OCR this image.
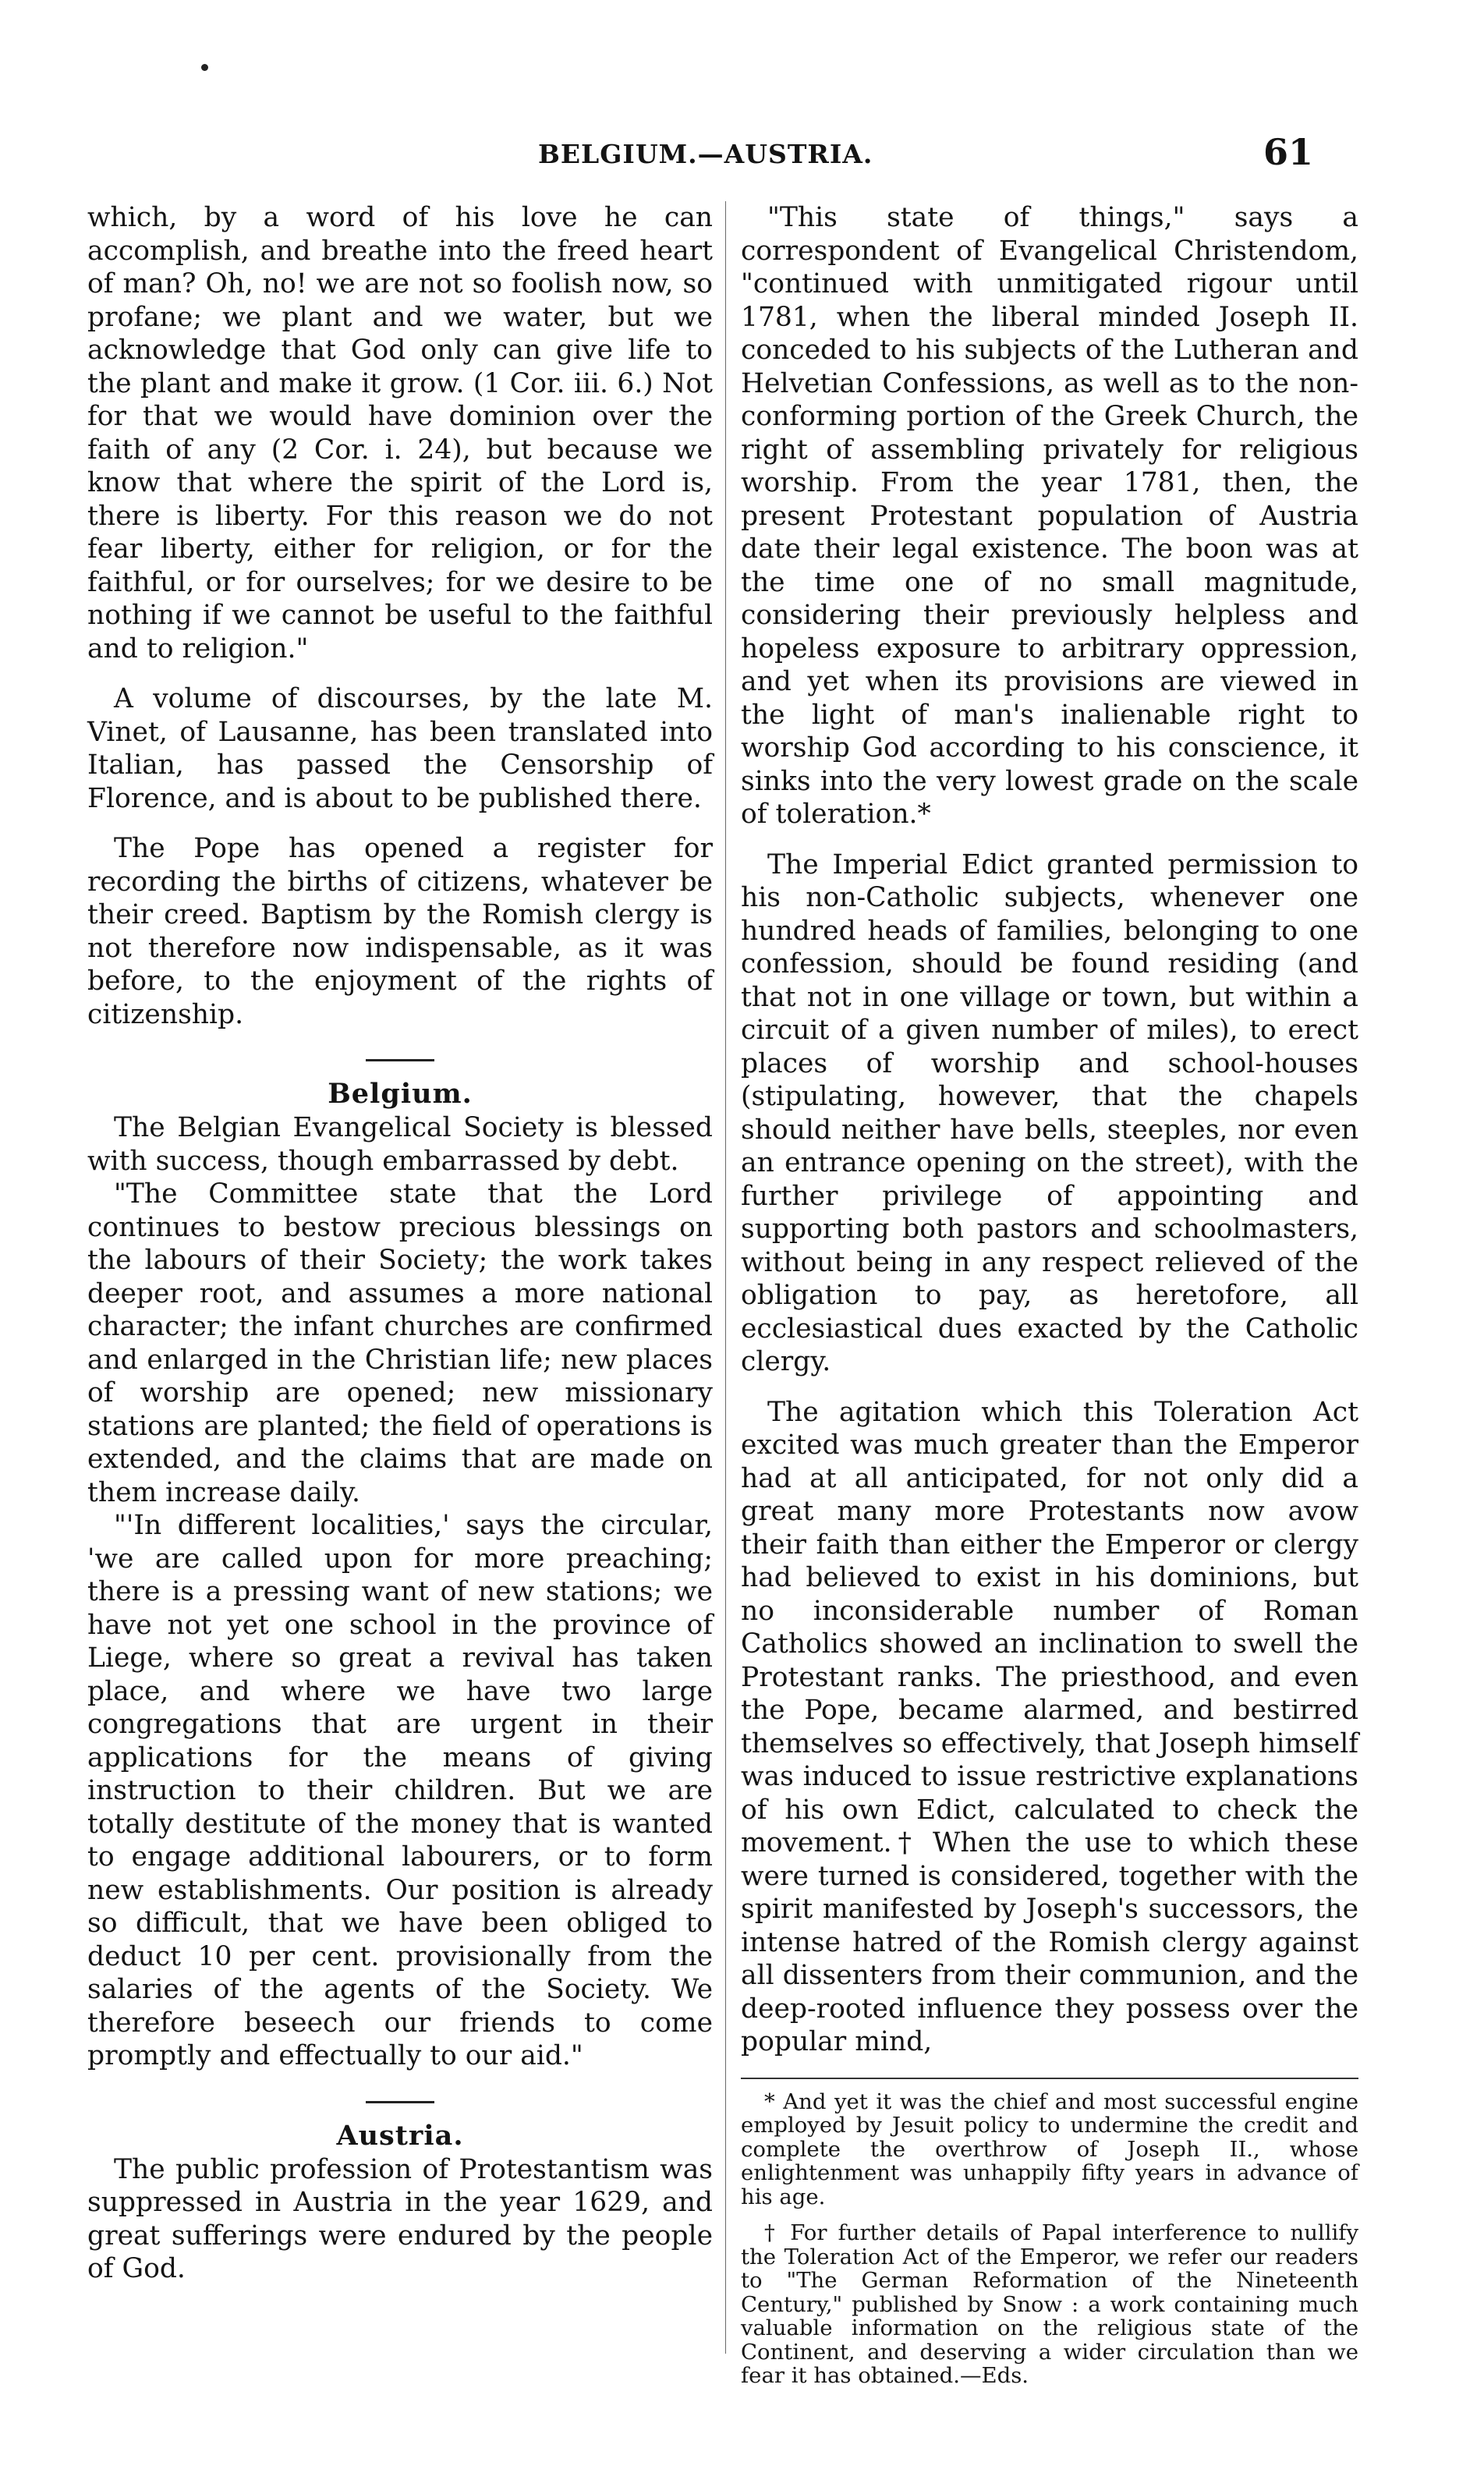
BELGIUM.—AUSTRIA.	61

which, by a word of his love he can accomplish, and breathe into the freed heart of man? Oh, no! we are not so foolish now, so profane; we plant and we water, but we acknowledge that God only can give life to the plant and make it grow. (1 Cor. iii. 6.) Not for that we would have dominion over the faith of any (2 Cor. i. 24), but because we know that where the spirit of the Lord is, there is liberty. For this reason we do not fear liberty, either for religion, or for the faithful, or for ourselves; for we desire to be nothing if we cannot be useful to the faithful and to religion."

A volume of discourses, by the late M. Vinet, of Lausanne, has been translated into Italian, has passed the Censorship of Florence, and is about to be published there.

The Pope has opened a register for recording the births of citizens, whatever be their creed. Baptism by the Romish clergy is not therefore now indispensable, as it was before, to the enjoyment of the rights of citizenship.

Belgium.

The Belgian Evangelical Society is blessed with success, though embarrassed by debt.

"The Committee state that the Lord continues to bestow precious blessings on the labours of their Society; the work takes deeper root, and assumes a more national character; the infant churches are confirmed and enlarged in the Christian life; new places of worship are opened; new missionary stations are planted; the field of operations is extended, and the claims that are made on them increase daily.

"'In different localities,' says the circular, 'we are called upon for more preaching; there is a pressing want of new stations; we have not yet one school in the province of Liege, where so great a revival has taken place, and where we have two large congregations that are urgent in their applications for the means of giving instruction to their children. But we are totally destitute of the money that is wanted to engage additional labourers, or to form new establishments. Our position is already so difficult, that we have been obliged to deduct 10 per cent. provisionally from the salaries of the agents of the Society. We therefore beseech our friends to come promptly and effectually to our aid."

Austria.

The public profession of Protestantism was suppressed in Austria in the year 1629, and great sufferings were endured by the people of God.

"This state of things," says a correspondent of Evangelical Christendom, "continued with unmitigated rigour until 1781, when the liberal minded Joseph II. conceded to his subjects of the Lutheran and Helvetian Confessions, as well as to the non-conforming portion of the Greek Church, the right of assembling privately for religious worship. From the year 1781, then, the present Protestant population of Austria date their legal existence. The boon was at the time one of no small magnitude, considering their previously helpless and hopeless exposure to arbitrary oppression, and yet when its provisions are viewed in the light of man's inalienable right to worship God according to his conscience, it sinks into the very lowest grade on the scale of toleration.*

The Imperial Edict granted permission to his non-Catholic subjects, whenever one hundred heads of families, belonging to one confession, should be found residing (and that not in one village or town, but within a circuit of a given number of miles), to erect places of worship and school-houses (stipulating, however, that the chapels should neither have bells, steeples, nor even an entrance opening on the street), with the further privilege of appointing and supporting both pastors and schoolmasters, without being in any respect relieved of the obligation to pay, as heretofore, all ecclesiastical dues exacted by the Catholic clergy.

The agitation which this Toleration Act excited was much greater than the Emperor had at all anticipated, for not only did a great many more Protestants now avow their faith than either the Emperor or clergy had believed to exist in his dominions, but no inconsiderable number of Roman Catholics showed an inclination to swell the Protestant ranks. The priesthood, and even the Pope, became alarmed, and bestirred themselves so effectively, that Joseph himself was induced to issue restrictive explanations of his own Edict, calculated to check the movement.† When the use to which these were turned is considered, together with the spirit manifested by Joseph's successors, the intense hatred of the Romish clergy against all dissenters from their communion, and the deep-rooted influence they possess over the popular mind,

* And yet it was the chief and most successful engine employed by Jesuit policy to undermine the credit and complete the overthrow of Joseph II., whose enlightenment was unhappily fifty years in advance of his age.

† For further details of Papal interference to nullify the Toleration Act of the Emperor, we refer our readers to "The German Reformation of the Nineteenth Century," published by Snow : a work containing much valuable information on the religious state of the Continent, and deserving a wider circulation than we fear it has obtained.—Eds.
